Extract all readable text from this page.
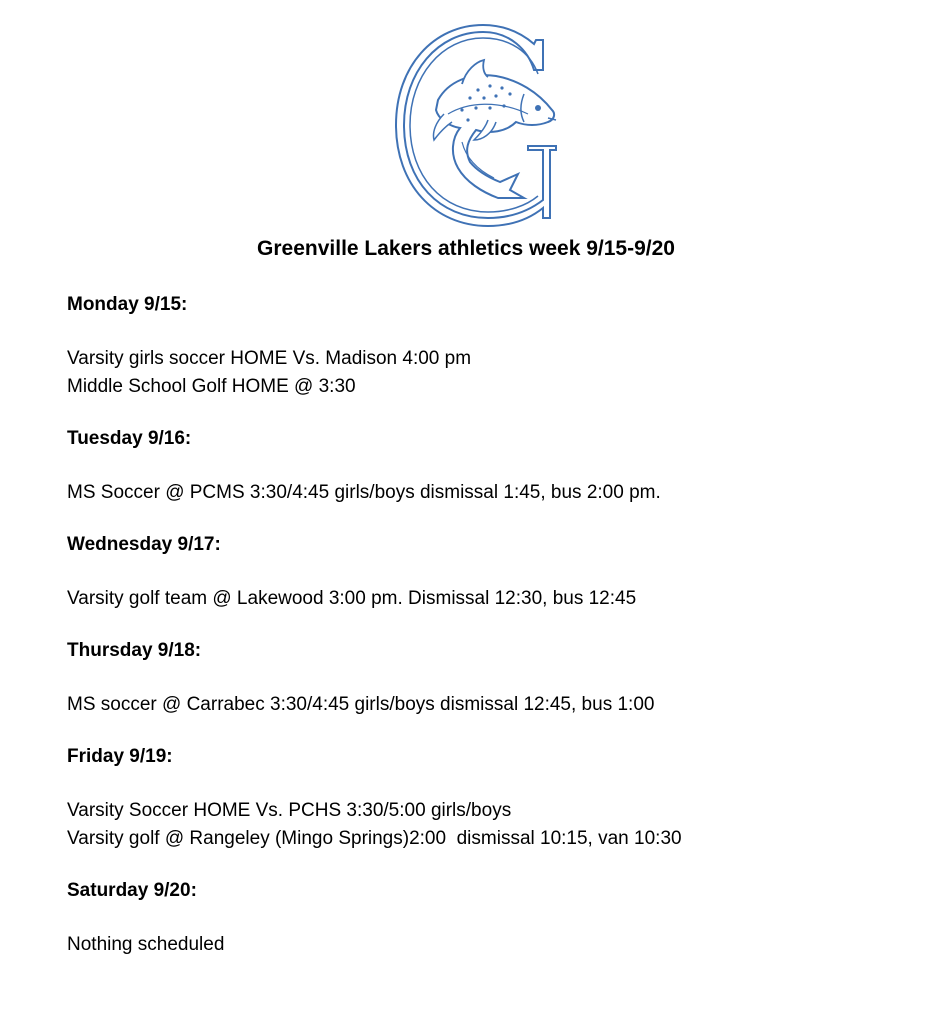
Greenville Lakers athletics week 9/15-9/20

Monday 9/15:

Varsity girls soccer HOME Vs. Madison 4:00 pm

Middle School Golf HOME @ 3:30

Tuesday 9/16:

MS Soccer @ PCMS 3:30/4:45 girls/boys dismissal 1:45, bus 2:00 pm.

Wednesday 9/17:

Varsity golf team @ Lakewood 3:00 pm. Dismissal 12:30, bus 12:45

Thursday 9/18:

MS soccer @ Carrabec 3:30/4:45 girls/boys dismissal 12:45, bus 1:00

Friday 9/19:

Varsity Soccer HOME Vs. PCHS 3:30/5:00 girls/boys

Varsity golf @ Rangeley (Mingo Springs)2:00  dismissal 10:15, van 10:30

Saturday 9/20:

Nothing scheduled
